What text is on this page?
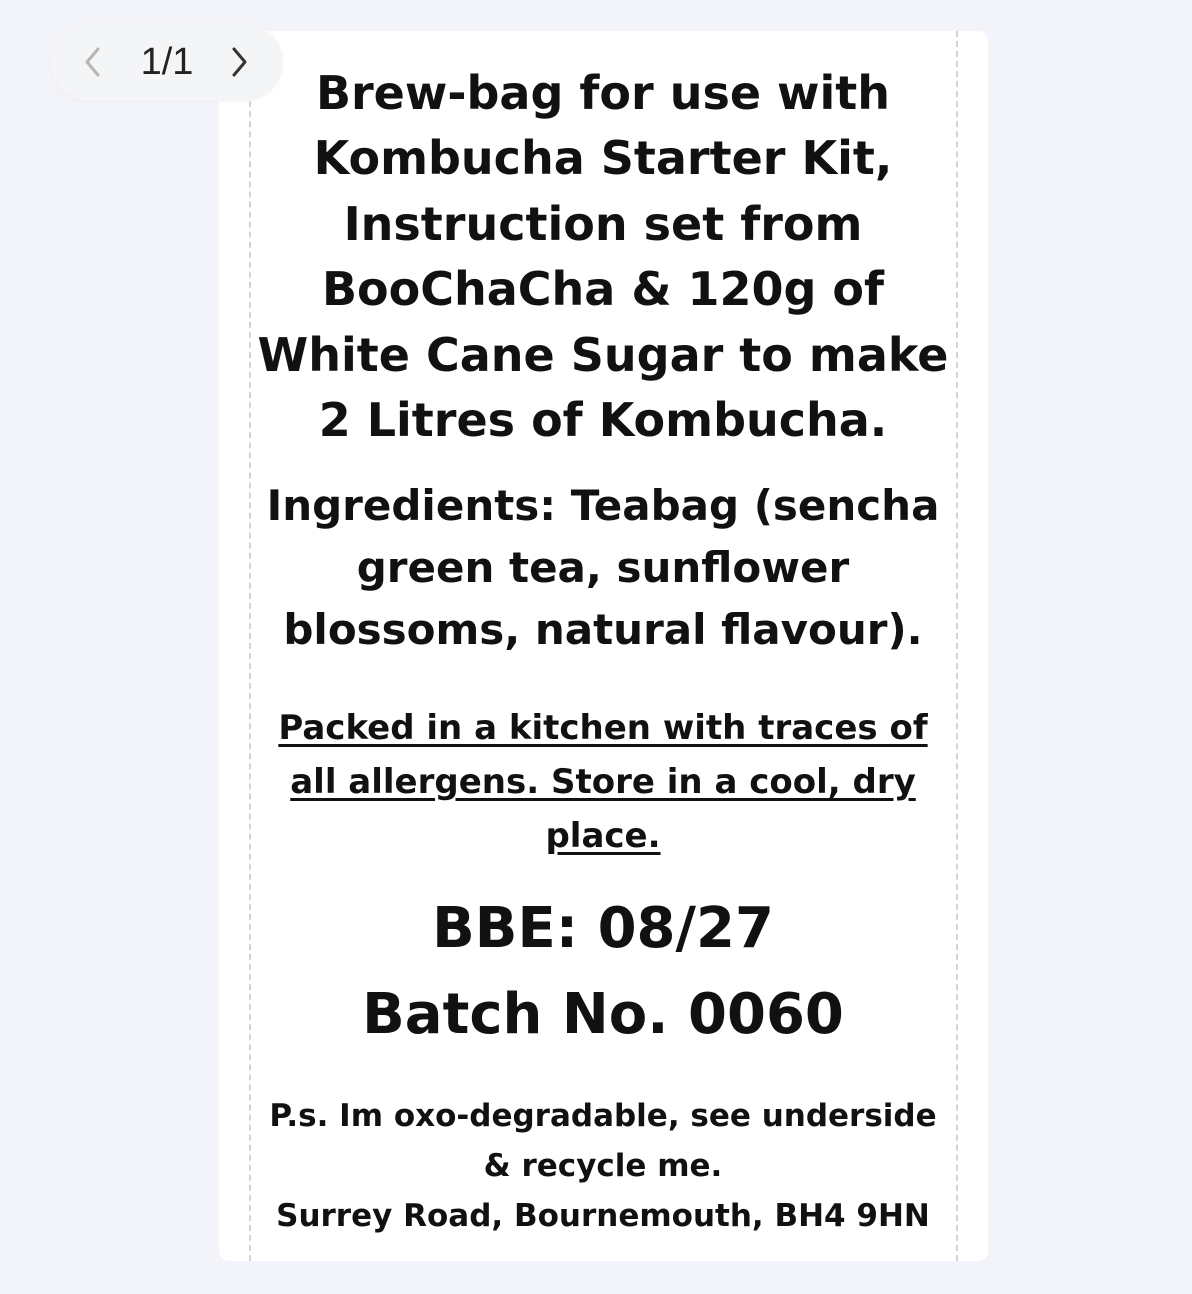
Brew-bag for use with Kombucha Starter Kit, Instruction set from BooChaCha & 120g of White Cane Sugar to make 2 Litres of Kombucha.

Ingredients: Teabag (sencha green tea, sunflower blossoms, natural flavour).

Packed in a kitchen with traces of all allergens. Store in a cool, dry place.

BBE: 08/27

Batch No. 0060

P.s. Im oxo-degradable, see underside & recycle me.

Surrey Road, Bournemouth, BH4 9HN

1/1
